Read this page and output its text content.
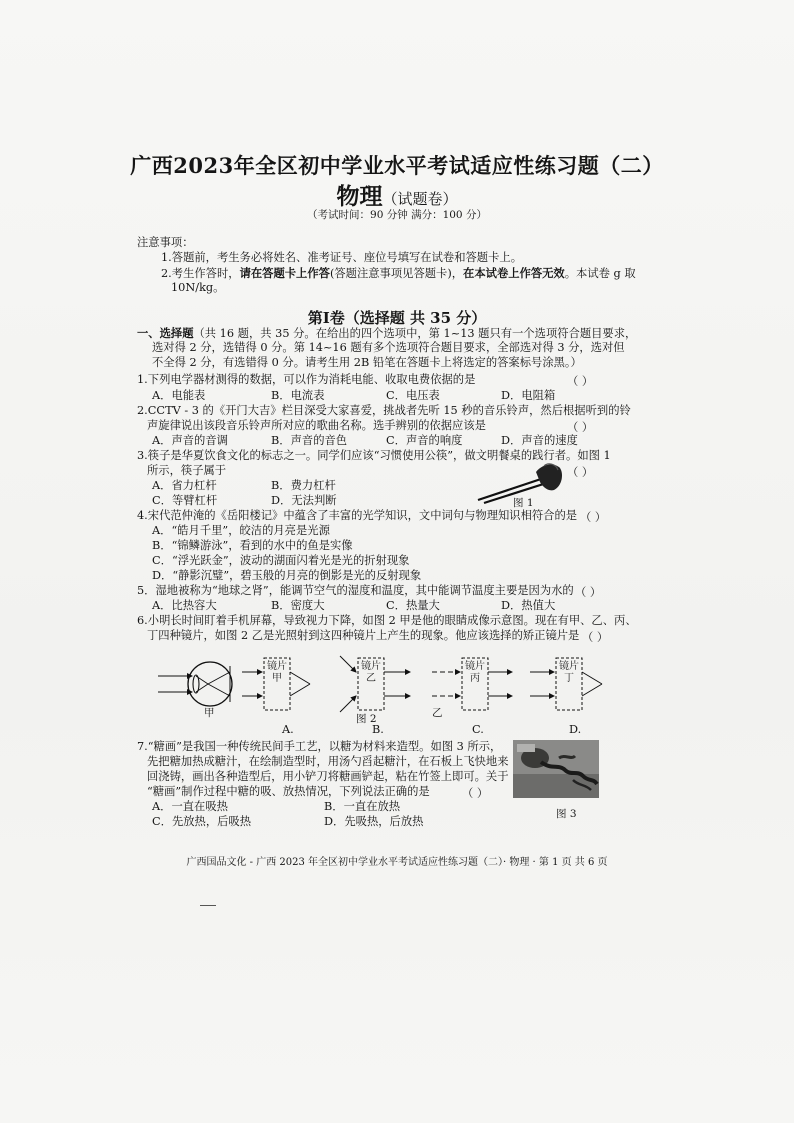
广西2023年全区初中学业水平考试适应性练习题（二）
物理（试题卷）
（考试时间：90 分钟 满分：100 分）
注意事项：
1.答题前，考生务必将姓名、准考证号、座位号填写在试卷和答题卡上。
2.考生作答时，请在答题卡上作答(答题注意事项见答题卡)，在本试卷上作答无效。本试卷 g 取
10N/kg。
第Ⅰ卷（选择题 共 35 分）
一、选择题（共 16 题，共 35 分。在给出的四个选项中，第 1~13 题只有一个选项符合题目要求，
选对得 2 分，选错得 0 分。第 14~16 题有多个选项符合题目要求，全部选对得 3 分，选对但
不全得 2 分，有选错得 0 分。请考生用 2B 铅笔在答题卡上将选定的答案标号涂黑。）
1.下列电学器材测得的数据，可以作为消耗电能、收取电费依据的是	（ ）
A．电能表	B．电流表	C．电压表	D．电阻箱
2.CCTV - 3 的《开门大吉》栏目深受大家喜爱，挑战者先听 15 秒的音乐铃声，然后根据听到的铃
声旋律说出该段音乐铃声所对应的歌曲名称。选手辨别的依据应该是	（ ）
A．声音的音调	B．声音的音色	C．声音的响度	D．声音的速度
3.筷子是华夏饮食文化的标志之一。同学们应该“习惯使用公筷”，做文明餐桌的践行者。如图 1
所示，筷子属于	（ ）
A．省力杠杆	B．费力杠杆
C．等臂杠杆	D．无法判断	图 1
4.宋代范仲淹的《岳阳楼记》中蕴含了丰富的光学知识，文中词句与物理知识相符合的是 （ ）
A．“皓月千里”，皎洁的月亮是光源
B．“锦鳞游泳”，看到的水中的鱼是实像
C．“浮光跃金”，波动的湖面闪着光是光的折射现象
D．“静影沉璧”，碧玉般的月亮的倒影是光的反射现象
5．湿地被称为“地球之肾”，能调节空气的湿度和温度，其中能调节温度主要是因为水的 （ ）
A．比热容大	B．密度大	C．热量大	D．热值大
6.小明长时间盯着手机屏幕，导致视力下降，如图 2 甲是他的眼睛成像示意图。现在有甲、乙、丙、
丁四种镜片，如图 2 乙是光照射到这四种镜片上产生的现象。他应该选择的矫正镜片是 （ ）
镜片甲
镜片乙
镜片丙
镜片丁
甲	乙
图 2
A.	B.	C.	D.
7.“糖画”是我国一种传统民间手工艺，以糖为材料来造型。如图 3 所示，
先把糖加热成糖汁，在绘制造型时，用汤勺舀起糖汁，在石板上飞快地来
回浇铸，画出各种造型后，用小铲刀将糖画铲起，粘在竹签上即可。关于
“糖画”制作过程中糖的吸、放热情况，下列说法正确的是	（ ）
A．一直在吸热	B．一直在放热
C．先放热，后吸热	D．先吸热，后放热
图 3
广西国品文化 - 广西 2023 年全区初中学业水平考试适应性练习题（二）· 物理 · 第 1 页 共 6 页
